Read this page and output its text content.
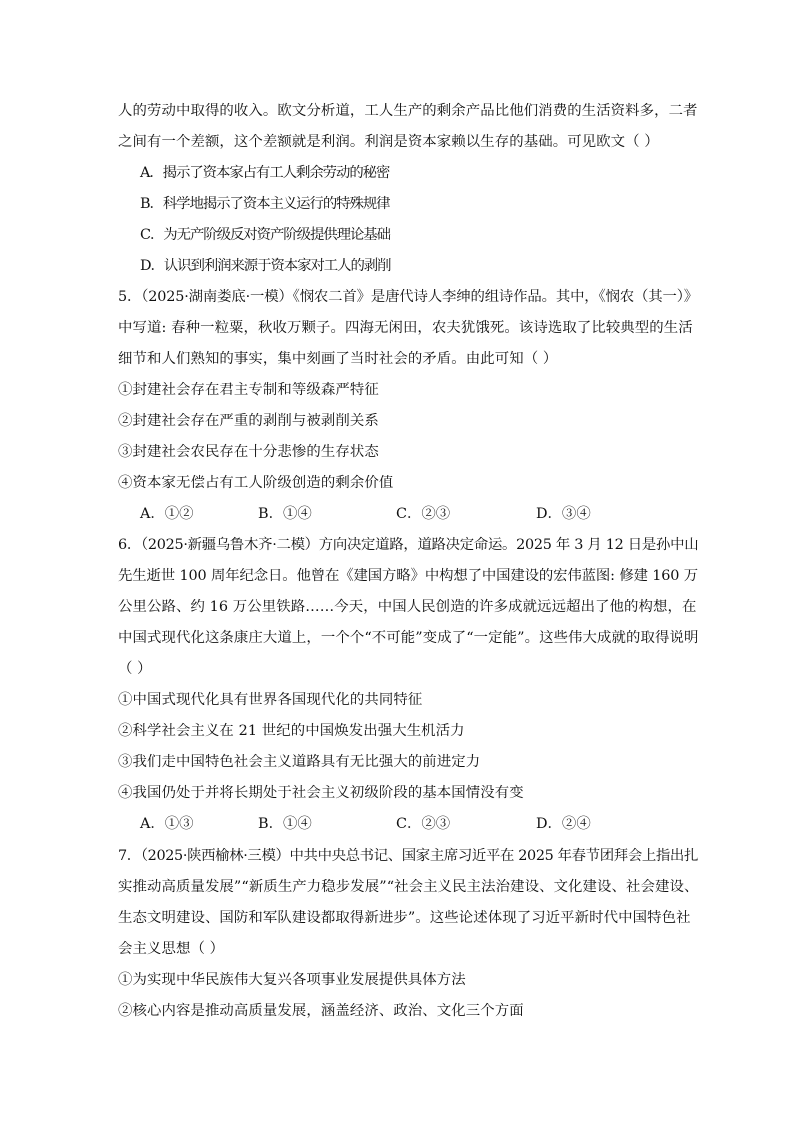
人的劳动中取得的收入。欧文分析道，工人生产的剩余产品比他们消费的生活资料多，二者
之间有一个差额，这个差额就是利润。利润是资本家赖以生存的基础。可见欧文（ ）
A．揭示了资本家占有工人剩余劳动的秘密
B．科学地揭示了资本主义运行的特殊规律
C．为无产阶级反对资产阶级提供理论基础
D．认识到利润来源于资本家对工人的剥削
5．（2025·湖南娄底·一模）《悯农二首》是唐代诗人李绅的组诗作品。其中，《悯农（其一）》
中写道: 春种一粒粟，秋收万颗子。四海无闲田，农夫犹饿死。该诗选取了比较典型的生活
细节和人们熟知的事实，集中刻画了当时社会的矛盾。由此可知（ ）
①封建社会存在君主专制和等级森严特征
②封建社会存在严重的剥削与被剥削关系
③封建社会农民存在十分悲惨的生存状态
④资本家无偿占有工人阶级创造的剩余价值
A．①②	B．①④	C．②③	D．③④
6．（2025·新疆乌鲁木齐·二模）方向决定道路，道路决定命运。2025 年 3 月 12 日是孙中山
先生逝世 100 周年纪念日。他曾在《建国方略》中构想了中国建设的宏伟蓝图: 修建 160 万
公里公路、约 16 万公里铁路……今天，中国人民创造的许多成就远远超出了他的构想，在
中国式现代化这条康庄大道上，一个个“不可能”变成了“一定能”。这些伟大成就的取得说明
（ ）
①中国式现代化具有世界各国现代化的共同特征
②科学社会主义在 21 世纪的中国焕发出强大生机活力
③我们走中国特色社会主义道路具有无比强大的前进定力
④我国仍处于并将长期处于社会主义初级阶段的基本国情没有变
A．①③	B．①④	C．②③	D．②④
7．（2025·陕西榆林·三模）中共中央总书记、国家主席习近平在 2025 年春节团拜会上指出扎
实推动高质量发展”“新质生产力稳步发展”“社会主义民主法治建设、文化建设、社会建设、
生态文明建设、国防和军队建设都取得新进步”。这些论述体现了习近平新时代中国特色社
会主义思想（ ）
①为实现中华民族伟大复兴各项事业发展提供具体方法
②核心内容是推动高质量发展，涵盖经济、政治、文化三个方面
